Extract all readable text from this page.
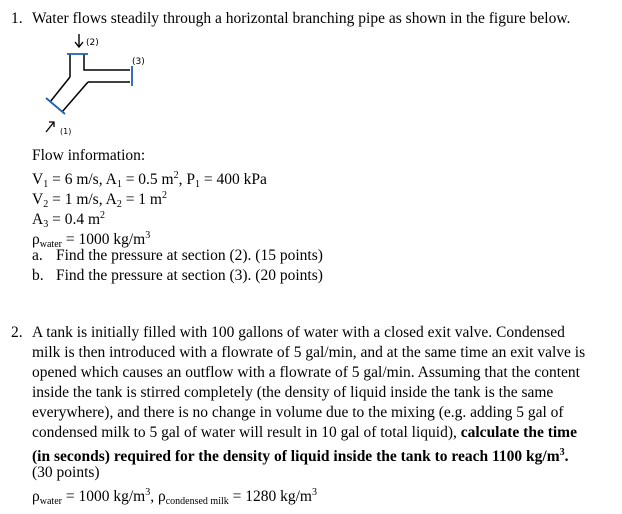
1. Water flows steadily through a horizontal branching pipe as shown in the figure below.
(2)
(3)
(1)
Flow information:
$V_1 = 6$ m/s, $A_1 = 0.5$ $m^2$, $P_1 = 400$ kPa
$V_2 = 1$ m/s, $A_2 = 1$ $m^2$
$A_3 = 0.4$ $m^2$
ρwater = 1000 $kg/m^3$
a. Find the pressure at section (2). (15 points)
b. Find the pressure at section (3). (20 points)
2. A tank is initially filled with 100 gallons of water with a closed exit valve. Condensed
milk is then introduced with a flowrate of 5 gal/min, and at the same time an exit valve is
opened which causes an outflow with a flowrate of 5 gal/min. Assuming that the content
inside the tank is stirred completely (the density of liquid inside the tank is the same
everywhere), and there is no change in volume due to the mixing (e.g. adding 5 gal of
condensed milk to 5 gal of water will result in 10 gal of total liquid), calculate the time
(in seconds) required for the density of liquid inside the tank to reach 1100 $kg/m^3$.
(30 points)
ρwater = 1000 $kg/m^3$, ρcondensed milk = 1280 $kg/m^3$
